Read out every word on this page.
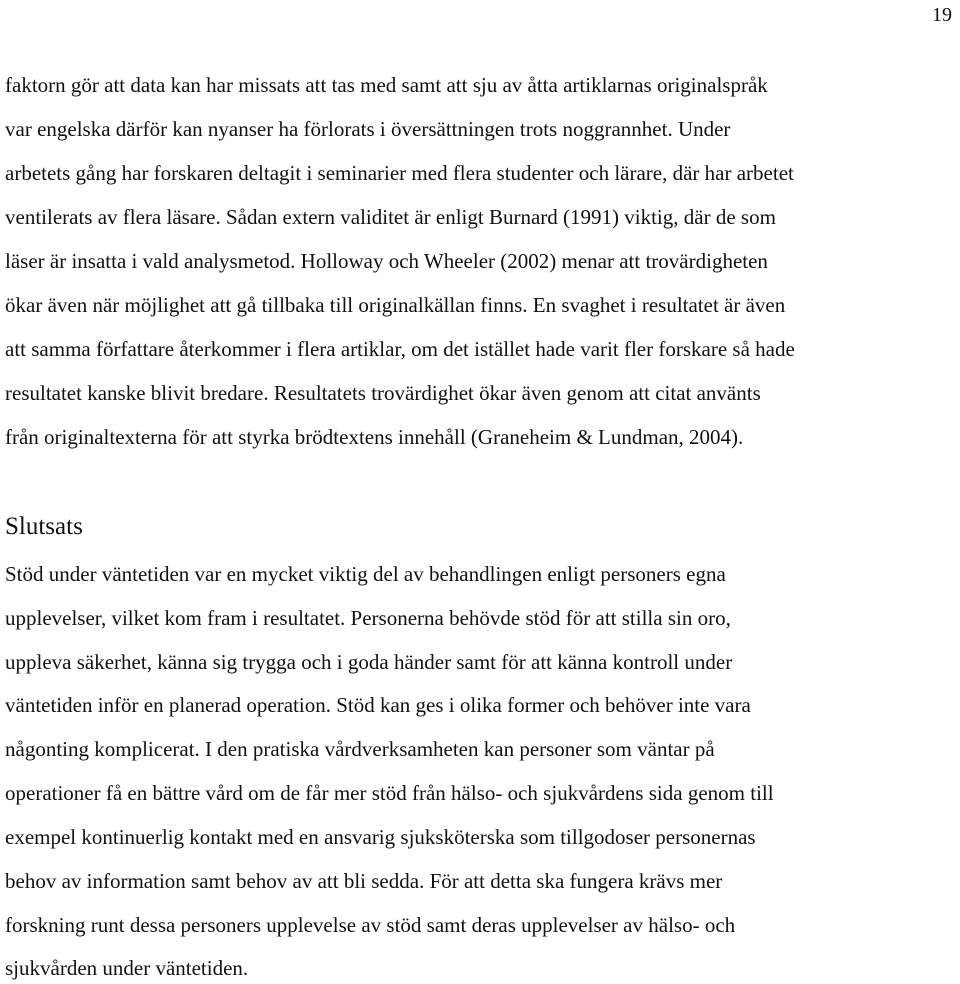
19
faktorn gör att data kan har missats att tas med samt att sju av åtta artiklarnas originalspråk
var engelska därför kan nyanser ha förlorats i översättningen trots noggrannhet. Under
arbetets gång har forskaren deltagit i seminarier med flera studenter och lärare, där har arbetet
ventilerats av flera läsare. Sådan extern validitet är enligt Burnard (1991) viktig, där de som
läser är insatta i vald analysmetod. Holloway och Wheeler (2002) menar att trovärdigheten
ökar även när möjlighet att gå tillbaka till originalkällan finns. En svaghet i resultatet är även
att samma författare återkommer i flera artiklar, om det istället hade varit fler forskare så hade
resultatet kanske blivit bredare. Resultatets trovärdighet ökar även genom att citat använts
från originaltexterna för att styrka brödtextens innehåll (Graneheim & Lundman, 2004).
Slutsats
Stöd under väntetiden var en mycket viktig del av behandlingen enligt personers egna
upplevelser, vilket kom fram i resultatet. Personerna behövde stöd för att stilla sin oro,
uppleva säkerhet, känna sig trygga och i goda händer samt för att känna kontroll under
väntetiden inför en planerad operation. Stöd kan ges i olika former och behöver inte vara
någonting komplicerat. I den pratiska vårdverksamheten kan personer som väntar på
operationer få en bättre vård om de får mer stöd från hälso- och sjukvårdens sida genom till
exempel kontinuerlig kontakt med en ansvarig sjuksköterska som tillgodoser personernas
behov av information samt behov av att bli sedda. För att detta ska fungera krävs mer
forskning runt dessa personers upplevelse av stöd samt deras upplevelser av hälso- och
sjukvården under väntetiden.
